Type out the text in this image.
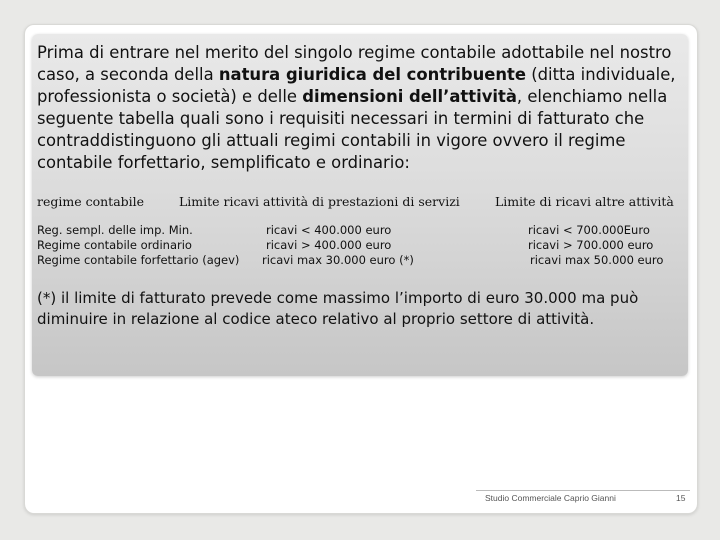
Prima di entrare nel merito del singolo regime contabile adottabile nel nostro caso, a seconda della natura giuridica del contribuente (ditta individuale, professionista o società) e delle dimensioni dell’attività, elenchiamo nella seguente tabella quali sono i requisiti necessari in termini di fatturato che contraddistinguono gli attuali regimi contabili in vigore ovvero il regime contabile forfettario, semplificato e ordinario:

regime contabile	Limite ricavi attività di prestazioni di servizi	Limite di ricavi altre attività
Reg. sempl. delle imp. Min.	ricavi < 400.000 euro	ricavi < 700.000Euro
Regime contabile ordinario	ricavi > 400.000 euro	ricavi > 700.000 euro
Regime contabile forfettario (agev) ricavi max 30.000 euro (*)	ricavi max 50.000 euro

(*) il limite di fatturato prevede come massimo l’importo di euro 30.000 ma può diminuire in relazione al codice ateco relativo al proprio settore di attività.

Studio Commerciale Caprio Gianni	15
